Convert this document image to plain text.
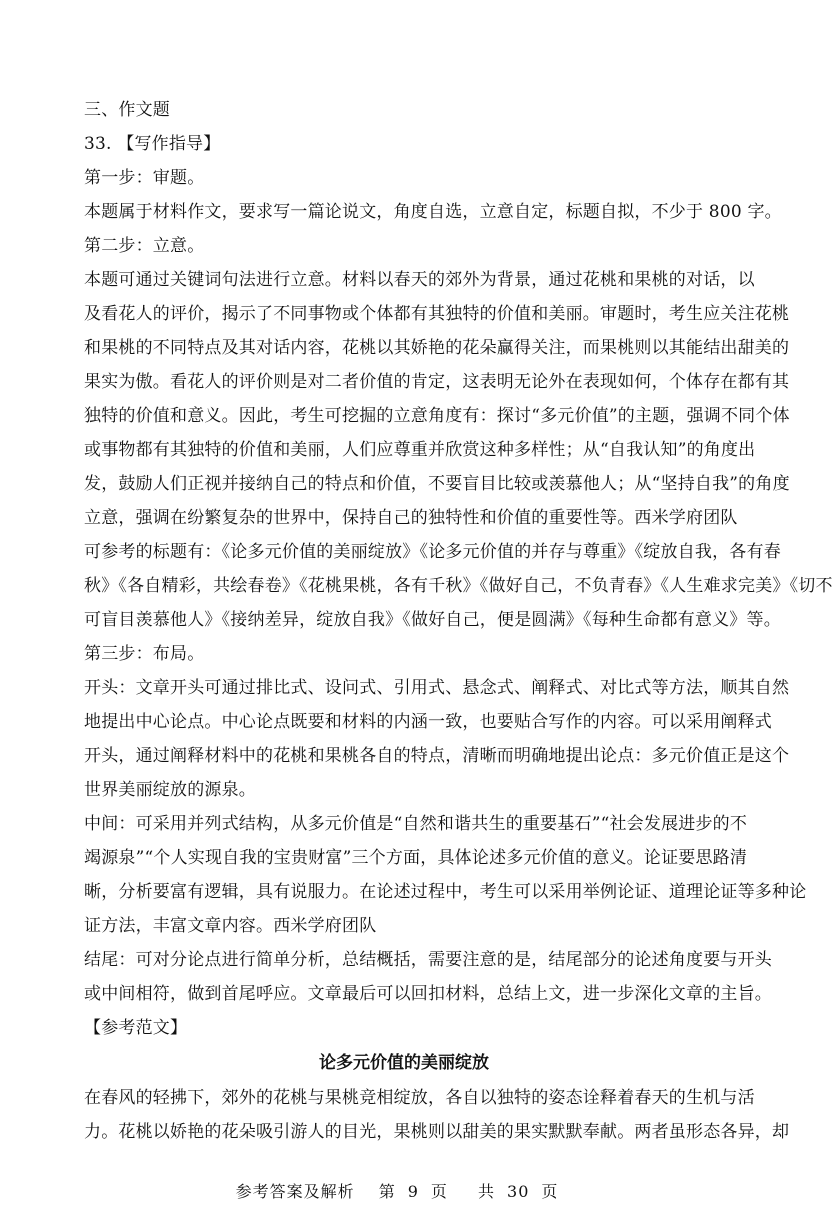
三、作文题
33. 【写作指导】
第一步：审题。
本题属于材料作文，要求写一篇论说文，角度自选，立意自定，标题自拟，不少于 800 字。
第二步：立意。
本题可通过关键词句法进行立意。材料以春天的郊外为背景，通过花桃和果桃的对话，以
及看花人的评价，揭示了不同事物或个体都有其独特的价值和美丽。审题时，考生应关注花桃
和果桃的不同特点及其对话内容，花桃以其娇艳的花朵赢得关注，而果桃则以其能结出甜美的
果实为傲。看花人的评价则是对二者价值的肯定，这表明无论外在表现如何，个体存在都有其
独特的价值和意义。因此，考生可挖掘的立意角度有：探讨“多元价值”的主题，强调不同个体
或事物都有其独特的价值和美丽，人们应尊重并欣赏这种多样性；从“自我认知”的角度出
发，鼓励人们正视并接纳自己的特点和价值，不要盲目比较或羡慕他人；从“坚持自我”的角度
立意，强调在纷繁复杂的世界中，保持自己的独特性和价值的重要性等。西米学府团队
可参考的标题有：《论多元价值的美丽绽放》《论多元价值的并存与尊重》《绽放自我，各有春
秋》《各自精彩，共绘春卷》《花桃果桃，各有千秋》《做好自己，不负青春》《人生难求完美》《切不
可盲目羡慕他人》《接纳差异，绽放自我》《做好自己，便是圆满》《每种生命都有意义》等。
第三步：布局。
开头：文章开头可通过排比式、设问式、引用式、悬念式、阐释式、对比式等方法，顺其自然
地提出中心论点。中心论点既要和材料的内涵一致，也要贴合写作的内容。可以采用阐释式
开头，通过阐释材料中的花桃和果桃各自的特点，清晰而明确地提出论点：多元价值正是这个
世界美丽绽放的源泉。
中间：可采用并列式结构，从多元价值是“自然和谐共生的重要基石”“社会发展进步的不
竭源泉”“个人实现自我的宝贵财富”三个方面，具体论述多元价值的意义。论证要思路清
晰，分析要富有逻辑，具有说服力。在论述过程中，考生可以采用举例论证、道理论证等多种论
证方法，丰富文章内容。西米学府团队
结尾：可对分论点进行简单分析，总结概括，需要注意的是，结尾部分的论述角度要与开头
或中间相符，做到首尾呼应。文章最后可以回扣材料，总结上文，进一步深化文章的主旨。
【参考范文】
论多元价值的美丽绽放
在春风的轻拂下，郊外的花桃与果桃竞相绽放，各自以独特的姿态诠释着春天的生机与活
力。花桃以娇艳的花朵吸引游人的目光，果桃则以甜美的果实默默奉献。两者虽形态各异，却
参考答案及解析 第 9 页 共 30 页
